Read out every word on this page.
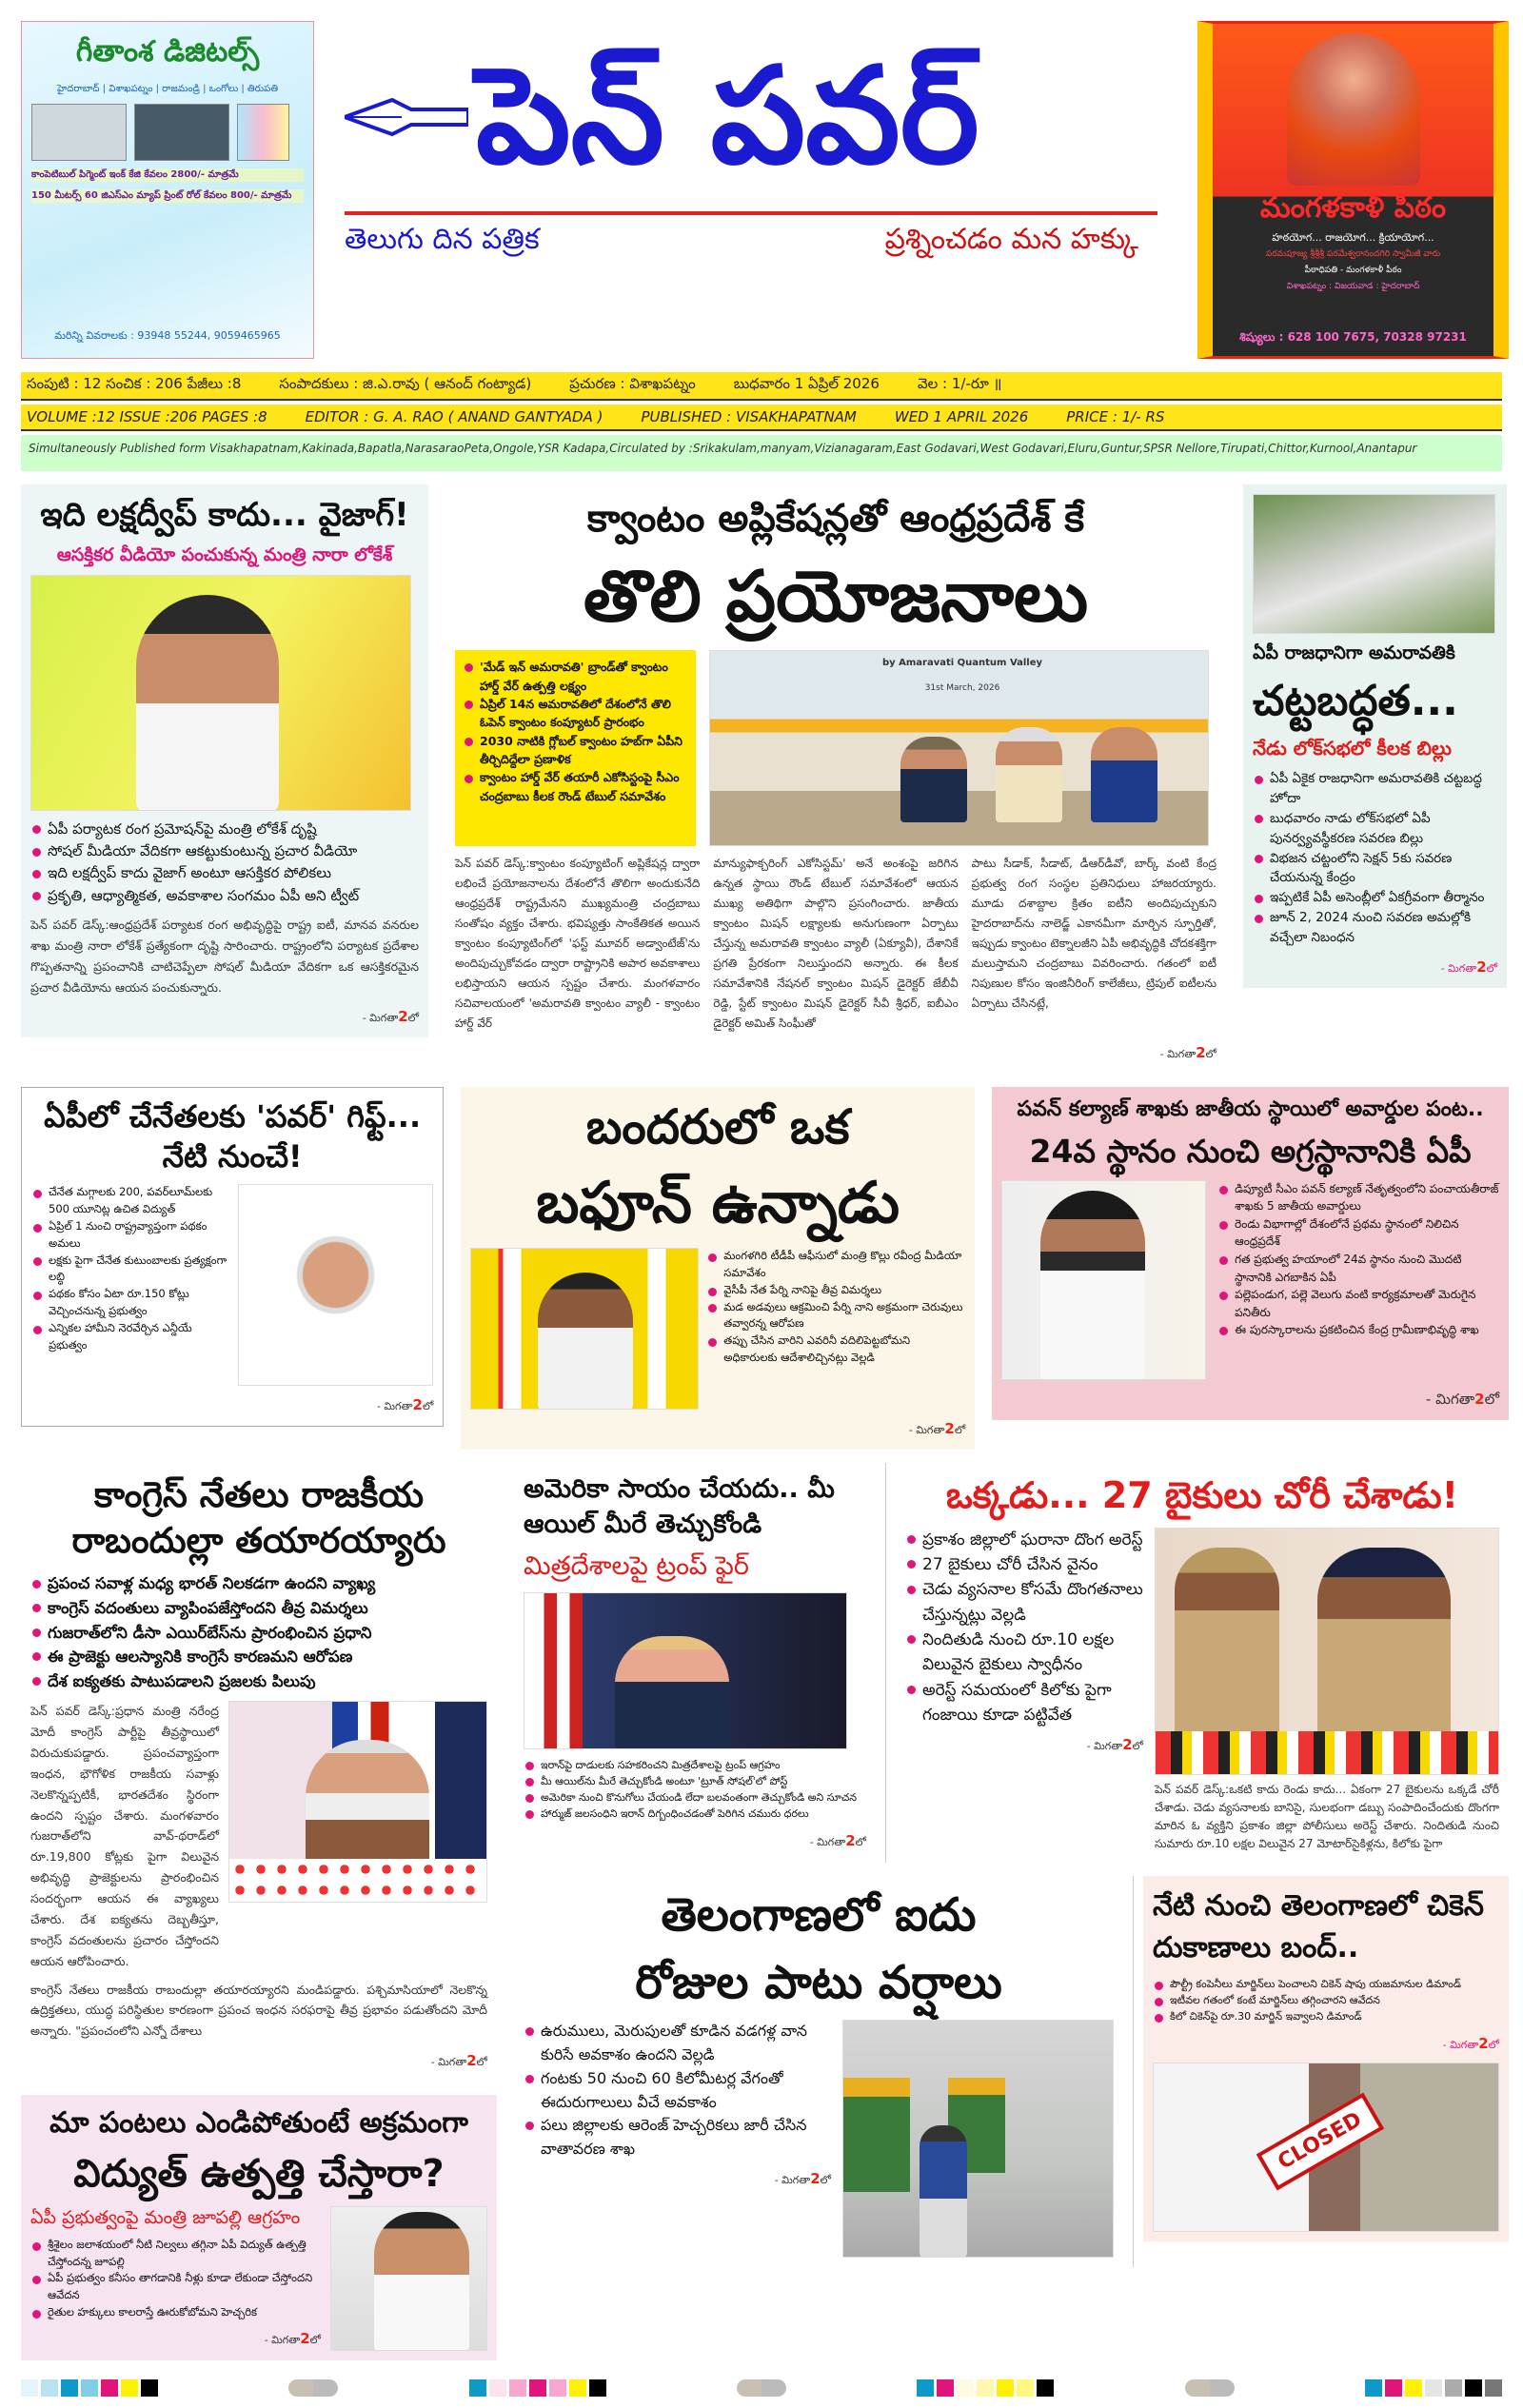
గీతాంశ డిజిటల్స్
హైదరాబాద్ | విశాఖపట్నం | రాజమండ్రి | ఒంగోలు | తిరుపతి
కాంపెటిబుల్ పిగ్మెంట్ ఇంక్ కేజి కేవలం 2800/- మాత్రమే
150 మీటర్స్ 60 జిఎస్ఎం మ్యాప్ ప్రింట్ రోల్ కేవలం 800/- మాత్రమే
మరిన్ని వివరాలకు : 93948 55244, 9059465965
పెన్ పవర్
తెలుగు దిన పత్రిక	ప్రశ్నించడం మన హక్కు
మంగళకాళీ పీఠం
హఠయోగ... రాజయోగ... క్రియాయోగ...
పరమపూజ్య శ్రీశ్రీశ్రీ పరమేశ్వరానందగిరి స్వామీజీ వారు
పీఠాధిపతి - మంగళకాళీ పీఠం
విశాఖపట్నం : విజయవాడ : హైదరాబాద్
శిష్యులు : 628 100 7675, 70328 97231
సంపుటి : 12 సంచిక : 206 పేజీలు :8	సంపాదకులు : జి.ఎ.రావు ( ఆనంద్ గంట్యాడ)	ప్రచురణ : విశాఖపట్నం	బుధవారం 1 ఏప్రిల్ 2026	వెల : 1/-రూ ॥
VOLUME :12 ISSUE :206 PAGES :8	EDITOR : G. A. RAO ( ANAND GANTYADA )	PUBLISHED : VISAKHAPATNAM	WED 1 APRIL 2026	PRICE : 1/- RS
Simultaneously Published form Visakhapatnam,Kakinada,Bapatla,NarasaraoPeta,Ongole,YSR Kadapa,Circulated by :Srikakulam,manyam,Vizianagaram,East Godavari,West Godavari,Eluru,Guntur,SPSR Nellore,Tirupati,Chittor,Kurnool,Anantapur
ఇది లక్షద్వీప్ కాదు... వైజాగ్!
ఆసక్తికర వీడియో పంచుకున్న మంత్రి నారా లోకేశ్
ఏపీ పర్యాటక రంగ ప్రమోషన్‌పై మంత్రి లోకేశ్ దృష్టి
సోషల్ మీడియా వేదికగా ఆకట్టుకుంటున్న ప్రచార వీడియో
ఇది లక్షద్వీప్ కాదు వైజాగ్ అంటూ ఆసక్తికర పోలికలు
ప్రకృతి, ఆధ్యాత్మికత, అవకాశాల సంగమం ఏపీ అని ట్వీట్
పెన్ పవర్ డెస్క్:ఆంధ్రప్రదేశ్ పర్యాటక రంగ అభివృద్ధిపై రాష్ట్ర ఐటీ, మానవ వనరుల శాఖ మంత్రి నారా లోకేశ్ ప్రత్యేకంగా దృష్టి సారించారు. రాష్ట్రంలోని పర్యాటక ప్రదేశాల గొప్పతనాన్ని ప్రపంచానికి చాటిచెప్పేలా సోషల్ మీడియా వేదికగా ఒక ఆసక్తికరమైన ప్రచార వీడియోను ఆయన పంచుకున్నారు.
- మిగతా2లో
క్వాంటం అప్లికేషన్లతో ఆంధ్రప్రదేశ్ కే
తొలి ప్రయోజనాలు
'మేడ్ ఇన్ అమరావతి' బ్రాండ్‌తో క్వాంటం హార్డ్ వేర్ ఉత్పత్తి లక్ష్యం
ఏప్రిల్ 14న అమరావతిలో దేశంలోనే తొలి ఓపెన్ క్వాంటం కంప్యూటర్ ప్రారంభం
2030 నాటికి గ్లోబల్ క్వాంటం హబ్‌గా ఏపీని తీర్చిదిద్దేలా ప్రణాళిక
క్వాంటం హార్డ్ వేర్ తయారీ ఎకోసిస్టంపై సీఎం చంద్రబాబు కీలక రౌండ్ టేబుల్ సమావేశం
by Amaravati Quantum Valley
31st March, 2026
పెన్ పవర్ డెస్క్:క్వాంటం కంప్యూటింగ్ అప్లికేషన్ల ద్వారా లభించే ప్రయోజనాలను దేశంలోనే తొలిగా అందుకునేది ఆంధ్రప్రదేశ్ రాష్ట్రమేనని ముఖ్యమంత్రి చంద్రబాబు సంతోషం వ్యక్తం చేశారు. భవిష్యత్తు సాంకేతికత అయిన క్వాంటం కంప్యూటింగ్‌లో 'ఫస్ట్ మూవర్ అడ్వాంటేజ్'ను అందిపుచ్చుకోవడం ద్వారా రాష్ట్రానికి అపార అవకాశాలు లభిస్తాయని ఆయన స్పష్టం చేశారు. మంగళవారం సచివాలయంలో 'అమరావతి క్వాంటం వ్యాలీ - క్వాంటం హార్డ్ వేర్
మాన్యుఫాక్చరింగ్ ఎకోసిస్టమ్' అనే అంశంపై జరిగిన ఉన్నత స్థాయి రౌండ్ టేబుల్ సమావేశంలో ఆయన ముఖ్య అతిథిగా పాల్గొని ప్రసంగించారు. జాతీయ క్వాంటం మిషన్ లక్ష్యాలకు అనుగుణంగా ఏర్పాటు చేస్తున్న అమరావతి క్వాంటం వ్యాలీ (ఏక్యూవీ), దేశానికే ప్రగతి ప్రేరకంగా నిలుస్తుందని అన్నారు. ఈ కీలక సమావేశానికి నేషనల్ క్వాంటం మిషన్ డైరెక్టర్ జేబీవీ రెడ్డి, స్టేట్ క్వాంటం మిషన్ డైరెక్టర్ సీవీ శ్రీధర్, ఐబీఎం డైరెక్టర్ అమిత్ సింఘీతో
పాటు సీడాక్, సీడాట్, డీఆర్‌డీవో, బార్క్ వంటి కేంద్ర ప్రభుత్వ రంగ సంస్థల ప్రతినిధులు హాజరయ్యారు. మూడు దశాబ్దాల క్రితం ఐటీని అందిపుచ్చుకుని హైదరాబాద్‌ను నాలెడ్జ్ ఎకానమీగా మార్చిన స్ఫూర్తితో, ఇప్పుడు క్వాంటం టెక్నాలజీని ఏపీ అభివృద్ధికి చోదకశక్తిగా మలుస్తామని చంద్రబాబు వివరించారు. గతంలో ఐటీ నిపుణుల కోసం ఇంజినీరింగ్ కాలేజీలు, ట్రిపుల్ ఐటీలను ఏర్పాటు చేసినట్లే,
- మిగతా2లో
ఏపీ రాజధానిగా అమరావతికి
చట్టబద్ధత...
నేడు లోక్‌సభలో కీలక బిల్లు
ఏపీ ఏకైక రాజధానిగా అమరావతికి చట్టబద్ధ హోదా
బుధవారం నాడు లోక్‌సభలో ఏపీ పునర్వ్యవస్థీకరణ సవరణ బిల్లు
విభజన చట్టంలోని సెక్షన్ 5కు సవరణ చేయనున్న కేంద్రం
ఇప్పటికే ఏపీ అసెంబ్లీలో ఏకగ్రీవంగా తీర్మానం
జూన్ 2, 2024 నుంచి సవరణ అమల్లోకి వచ్చేలా నిబంధన
- మిగతా2లో
ఏపీలో చేనేతలకు 'పవర్' గిఫ్ట్... నేటి నుంచే!
చేనేత మగ్గాలకు 200, పవర్‌లూమ్‌లకు 500 యూనిట్ల ఉచిత విద్యుత్
ఏప్రిల్ 1 నుంచి రాష్ట్రవ్యాప్తంగా పథకం అమలు
లక్షకు పైగా చేనేత కుటుంబాలకు ప్రత్యక్షంగా లబ్ధి
పథకం కోసం ఏటా రూ.150 కోట్లు వెచ్చించనున్న ప్రభుత్వం
ఎన్నికల హామీని నెరవేర్చిన ఎన్డీయే ప్రభుత్వం
- మిగతా2లో
బందరులో ఒక
బఫూన్ ఉన్నాడు
మంగళగిరి టీడీపీ ఆఫీసులో మంత్రి కొల్లు రవీంద్ర మీడియా సమావేశం
వైసీపీ నేత పేర్ని నానిపై తీవ్ర విమర్శలు
మడ అడవులు ఆక్రమించి పేర్ని నాని అక్రమంగా చెరువులు తవ్వారన్న ఆరోపణ
తప్పు చేసిన వారిని ఎవరినీ వదిలిపెట్టబోమని అధికారులకు ఆదేశాలిచ్చినట్లు వెల్లడి
- మిగతా2లో
పవన్ కల్యాణ్ శాఖకు జాతీయ స్థాయిలో అవార్డుల పంట..
24వ స్థానం నుంచి అగ్రస్థానానికి ఏపీ
డిప్యూటీ సీఎం పవన్ కల్యాణ్ నేతృత్వంలోని పంచాయతీరాజ్ శాఖకు 5 జాతీయ అవార్డులు
రెండు విభాగాల్లో దేశంలోనే ప్రథమ స్థానంలో నిలిచిన ఆంధ్రప్రదేశ్
గత ప్రభుత్వ హయాంలో 24వ స్థానం నుంచి మొదటి స్థానానికి ఎగబాకిన ఏపీ
పల్లెపండుగ, పల్లె వెలుగు వంటి కార్యక్రమాలతో మెరుగైన పనితీరు
ఈ పురస్కారాలను ప్రకటించిన కేంద్ర గ్రామీణాభివృద్ధి శాఖ
- మిగతా2లో
కాంగ్రెస్ నేతలు రాజకీయ రాబందుల్లా తయారయ్యారు
ప్రపంచ సవాళ్ల మధ్య భారత్ నిలకడగా ఉందని వ్యాఖ్య
కాంగ్రెస్ వదంతులు వ్యాపింపజేస్తోందని తీవ్ర విమర్శలు
గుజరాత్‌లోని డీసా ఎయిర్‌బేస్‌ను ప్రారంభించిన ప్రధాని
ఈ ప్రాజెక్టు ఆలస్యానికి కాంగ్రెసే కారణమని ఆరోపణ
దేశ ఐక్యతకు పాటుపడాలని ప్రజలకు పిలుపు
పెన్ పవర్ డెస్క్:ప్రధాన మంత్రి నరేంద్ర మోదీ కాంగ్రెస్ పార్టీపై తీవ్రస్థాయిలో విరుచుకుపడ్డారు. ప్రపంచవ్యాప్తంగా ఇంధన, భౌగోళిక రాజకీయ సవాళ్లు నెలకొన్నప్పటికీ, భారతదేశం స్థిరంగా ఉందని స్పష్టం చేశారు. మంగళవారం గుజరాత్‌లోని వావ్-థరాడ్‌లో రూ.19,800 కోట్లకు పైగా విలువైన అభివృద్ధి ప్రాజెక్టులను ప్రారంభించిన సందర్భంగా ఆయన ఈ వ్యాఖ్యలు చేశారు. దేశ ఐక్యతను దెబ్బతీస్తూ, కాంగ్రెస్ వదంతులను ప్రచారం చేస్తోందని ఆయన ఆరోపించారు.
కాంగ్రెస్ నేతలు రాజకీయ రాబందుల్లా తయారయ్యారని మండిపడ్డారు. పశ్చిమాసియాలో నెలకొన్న ఉద్రిక్తతలు, యుద్ధ పరిస్థితుల కారణంగా ప్రపంచ ఇంధన సరఫరాపై తీవ్ర ప్రభావం పడుతోందని మోదీ అన్నారు. "ప్రపంచంలోని ఎన్నో దేశాలు
- మిగతా2లో
మా పంటలు ఎండిపోతుంటే అక్రమంగా
విద్యుత్ ఉత్పత్తి చేస్తారా?
ఏపీ ప్రభుత్వంపై మంత్రి జూపల్లి ఆగ్రహం
శ్రీశైలం జలాశయంలో నీటి నిల్వలు తగ్గినా ఏపీ విద్యుత్ ఉత్పత్తి చేస్తోందన్న జూపల్లి
ఏపీ ప్రభుత్వం కనీసం తాగడానికి నీళ్లు కూడా లేకుండా చేస్తోందని ఆవేదన
రైతుల హక్కులు కాలరాస్తే ఊరుకోబోమని హెచ్చరిక
- మిగతా2లో
అమెరికా సాయం చేయదు.. మీ ఆయిల్ మీరే తెచ్చుకోండి
మిత్రదేశాలపై ట్రంప్ ఫైర్
ఇరాన్‌పై దాడులకు సహకరించని మిత్రదేశాలపై ట్రంప్ ఆగ్రహం
మీ ఆయిల్‌ను మీరే తెచ్చుకోండి అంటూ 'ట్రూత్ సోషల్'లో పోస్ట్
అమెరికా నుంచి కొనుగోలు చేయండి లేదా బలవంతంగా తెచ్చుకోండి అని సూచన
హార్ముజ్ జలసంధిని ఇరాన్ దిగ్బంధించడంతో పెరిగిన చమురు ధరలు
- మిగతా2లో
ఒక్కడు... 27 బైకులు చోరీ చేశాడు!
ప్రకాశం జిల్లాలో ఘరానా దొంగ అరెస్ట్
27 బైకులు చోరీ చేసిన వైనం
చెడు వ్యసనాల కోసమే దొంగతనాలు చేస్తున్నట్లు వెల్లడి
నిందితుడి నుంచి రూ.10 లక్షల విలువైన బైకులు స్వాధీనం
అరెస్ట్ సమయంలో కిలోకు పైగా గంజాయి కూడా పట్టివేత
- మిగతా2లో
పెన్ పవర్ డెస్క్:ఒకటి కాదు రెండు కాదు... ఏకంగా 27 బైకులను ఒక్కడే చోరీ చేశాడు. చెడు వ్యసనాలకు బానిసై, సులభంగా డబ్బు సంపాదించేందుకు దొంగగా మారిన ఓ వ్యక్తిని ప్రకాశం జిల్లా పోలీసులు అరెస్ట్ చేశారు. నిందితుడి నుంచి సుమారు రూ.10 లక్షల విలువైన 27 మోటార్‌సైకిళ్లను, కిలోకు పైగా
తెలంగాణలో ఐదు
రోజుల పాటు వర్షాలు
ఉరుములు, మెరుపులతో కూడిన వడగళ్ల వాన కురిసే అవకాశం ఉందని వెల్లడి
గంటకు 50 నుంచి 60 కిలోమీటర్ల వేగంతో ఈదురుగాలులు వీచే అవకాశం
పలు జిల్లాలకు ఆరెంజ్ హెచ్చరికలు జారీ చేసిన వాతావరణ శాఖ
- మిగతా2లో
నేటి నుంచి తెలంగాణలో చికెన్ దుకాణాలు బంద్..
పౌల్ట్రీ కంపెనీలు మార్జిన్‌లు పెంచాలని చికెన్ షాపు యజమానుల డిమాండ్
ఇటీవల గతంలో కంటే మార్జిన్‌లు తగ్గించారని ఆవేదన
కిలో చికెన్‌పై రూ.30 మార్జిన్ ఇవ్వాలని డిమాండ్
- మిగతా2లో
CLOSED
